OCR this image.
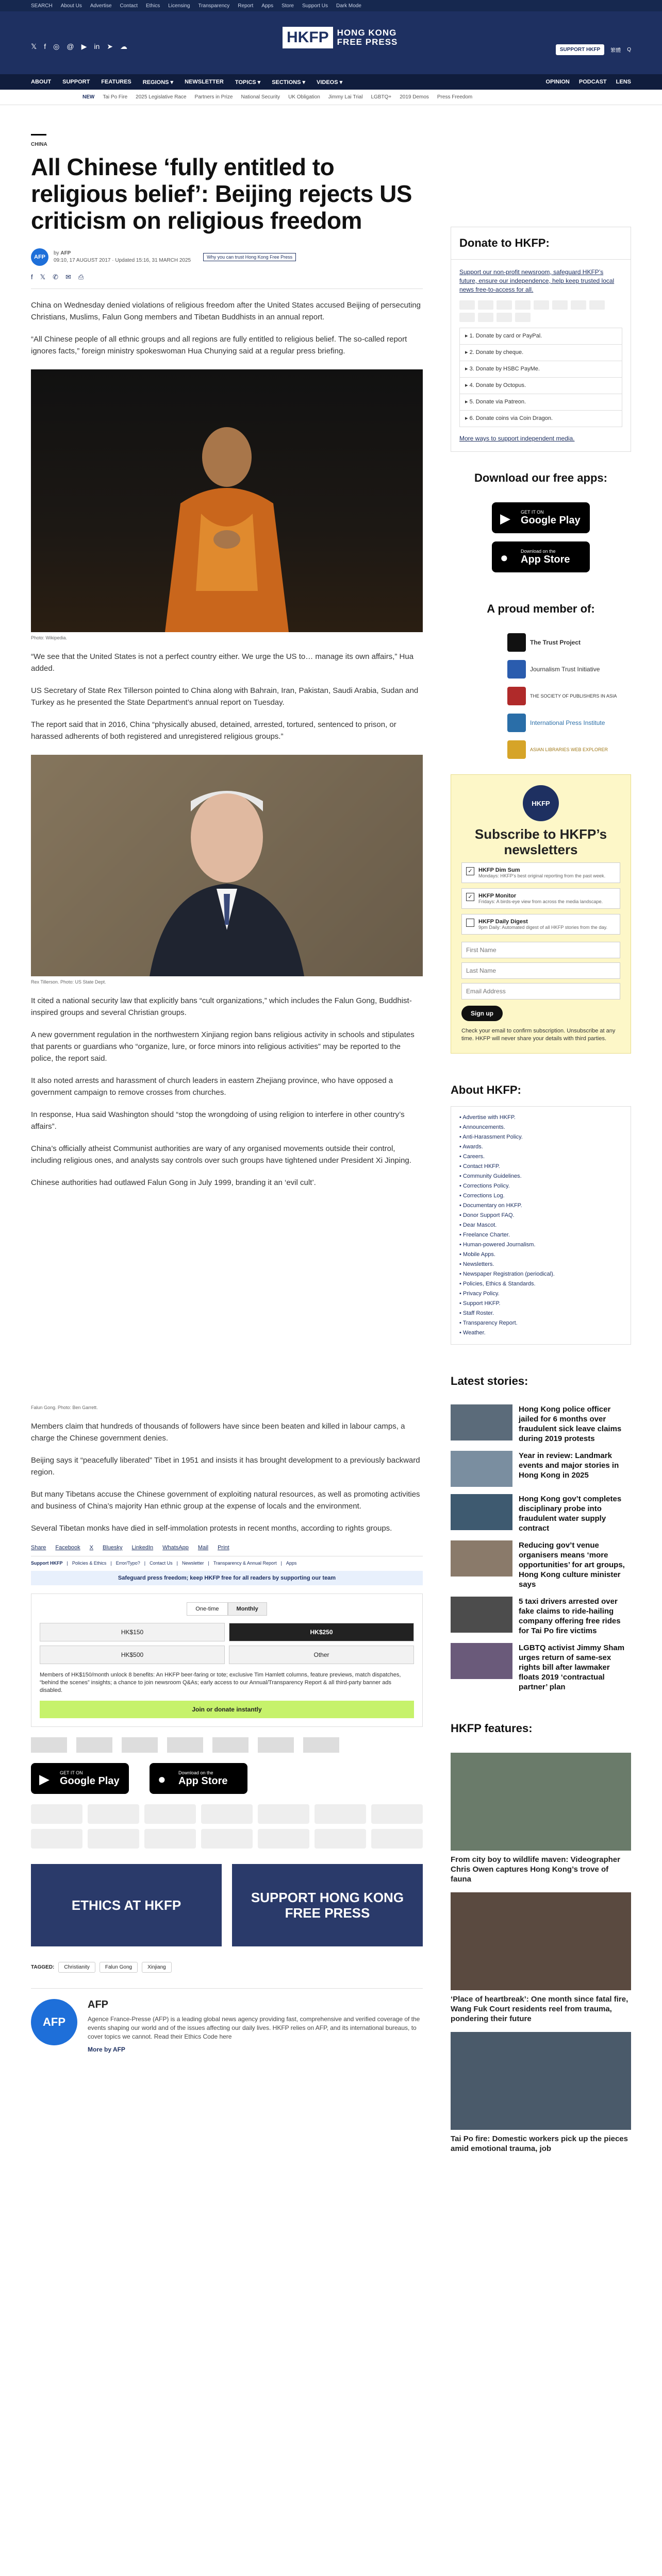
SEARCH About Us Advertise Contact Ethics Licensing Transparency Report Apps Store Support Us Dark Mode
𝕏 f ◎ @ ▶ in ➤ ☁
HKFP HONG KONG
FREE PRESS
SUPPORT HKFP	繁體 Q
ABOUT SUPPORT FEATURES REGIONS ▾ NEWSLETTER TOPICS ▾ SECTIONS ▾ VIDEOS ▾	OPINION PODCAST LENS
NEW Tai Po Fire 2025 Legislative Race Partners in Prize National Security UK Obligation Jimmy Lai Trial LGBTQ+ 2019 Demos Press Freedom
CHINA
All Chinese ‘fully entitled to religious belief’: Beijing rejects US criticism on religious freedom
AFP
by AFP
09:10, 17 AUGUST 2017 · Updated 15:16, 31 MARCH 2025
Why you can trust Hong Kong Free Press
f 𝕏 ✆ ✉ ⎙

China on Wednesday denied violations of religious freedom after the United States accused Beijing of persecuting Christians, Muslims, Falun Gong members and Tibetan Buddhists in an annual report.

“All Chinese people of all ethnic groups and all regions are fully entitled to religious belief. The so-called report ignores facts,” foreign ministry spokeswoman Hua Chunying said at a regular press briefing.

Photo: Wikipedia.

“We see that the United States is not a perfect country either. We urge the US to… manage its own affairs,” Hua added.

US Secretary of State Rex Tillerson pointed to China along with Bahrain, Iran, Pakistan, Saudi Arabia, Sudan and Turkey as he presented the State Department’s annual report on Tuesday.

The report said that in 2016, China “physically abused, detained, arrested, tortured, sentenced to prison, or harassed adherents of both registered and unregistered religious groups.”

Rex Tillerson. Photo: US State Dept.

It cited a national security law that explicitly bans “cult organizations,” which includes the Falun Gong, Buddhist-inspired groups and several Christian groups.

A new government regulation in the northwestern Xinjiang region bans religious activity in schools and stipulates that parents or guardians who “organize, lure, or force minors into religious activities” may be reported to the police, the report said.

It also noted arrests and harassment of church leaders in eastern Zhejiang province, who have opposed a government campaign to remove crosses from churches.

In response, Hua said Washington should “stop the wrongdoing of using religion to interfere in other country’s affairs”.

China’s officially atheist Communist authorities are wary of any organised movements outside their control, including religious ones, and analysts say controls over such groups have tightened under President Xi Jinping.

Chinese authorities had outlawed Falun Gong in July 1999, branding it an ‘evil cult’.

Falun Gong. Photo: Ben Garrett.

Members claim that hundreds of thousands of followers have since been beaten and killed in labour camps, a charge the Chinese government denies.

Beijing says it “peacefully liberated” Tibet in 1951 and insists it has brought development to a previously backward region.

But many Tibetans accuse the Chinese government of exploiting natural resources, as well as promoting activities and business of China’s majority Han ethnic group at the expense of locals and the environment.

Several Tibetan monks have died in self-immolation protests in recent months, according to rights groups.

Share Facebook X Bluesky LinkedIn WhatsApp Mail Print
Support HKFP | Policies & Ethics | Error/Typo? | Contact Us | Newsletter | Transparency & Annual Report | Apps
Safeguard press freedom; keep HKFP free for all readers by supporting our team
One-time	Monthly
HK$150	HK$250
HK$500	Other
Members of HK$150/month unlock 8 benefits: An HKFP beer-faring or tote; exclusive Tim Hamlett columns, feature previews, match dispatches, “behind the scenes” insights; a chance to join newsroom Q&As; early access to our Annual/Transparency Report & all third-party banner ads disabled.
Join or donate instantly
▶ GET IT ON
Google Play	●	Download on the
App Store
ETHICS AT HKFP	SUPPORT HONG KONG FREE PRESS
TAGGED:	Christianity	Falun Gong	Xinjiang
AFP
AFP
Agence France-Presse (AFP) is a leading global news agency providing fast, comprehensive and verified coverage of the events shaping our world and of the issues affecting our daily lives. HKFP relies on AFP, and its international bureaus, to cover topics we cannot. Read their Ethics Code here
More by AFP
Donate to HKFP:
Support our non-profit newsroom, safeguard HKFP’s future, ensure our independence, help keep trusted local news free-to-access for all.
▸ 1. Donate by card or PayPal.
▸ 2. Donate by cheque.
▸ 3. Donate by HSBC PayMe.
▸ 4. Donate by Octopus.
▸ 5. Donate via Patreon.
▸ 6. Donate coins via Coin Dragon.
More ways to support independent media.
Download our free apps:
▶ GET IT ON
Google Play
●	Download on the
App Store
A proud member of:
The Trust Project
Journalism Trust Initiative
THE SOCIETY OF PUBLISHERS IN ASIA
International Press Institute
ASIAN LIBRARIES WEB EXPLORER
HKFP
Subscribe to HKFP’s newsletters
✓	HKFP Dim Sum
Mondays: HKFP’s best original reporting from the past week.
✓	HKFP Monitor
Fridays: A birds-eye view from across the media landscape.
HKFP Daily Digest
9pm Daily: Automated digest of all HKFP stories from the day.
First Name
Last Name
Email Address
Sign up
Check your email to confirm subscription. Unsubscribe at any time. HKFP will never share your details with third parties.
About HKFP:
• Advertise with HKFP.
• Announcements.
• Anti-Harassment Policy.
• Awards.
• Careers.
• Contact HKFP.
• Community Guidelines.
• Corrections Policy.
• Corrections Log.
• Documentary on HKFP.
• Donor Support FAQ.
• Dear Mascot.
• Freelance Charter.
• Human-powered Journalism.
• Mobile Apps.
• Newsletters.
• Newspaper Registration (periodical).
• Policies, Ethics & Standards.
• Privacy Policy.
• Support HKFP.
• Staff Roster.
• Transparency Report.
• Weather.
Latest stories:
Hong Kong police officer jailed for 6 months over fraudulent sick leave claims during 2019 protests
Year in review: Landmark events and major stories in Hong Kong in 2025
Hong Kong gov’t completes disciplinary probe into fraudulent water supply contract
Reducing gov’t venue organisers means ‘more opportunities’ for art groups, Hong Kong culture minister says
5 taxi drivers arrested over fake claims to ride-hailing company offering free rides for Tai Po fire victims
LGBTQ activist Jimmy Sham urges return of same-sex rights bill after lawmaker floats 2019 ‘contractual partner’ plan
HKFP features:
From city boy to wildlife maven: Videographer Chris Owen captures Hong Kong’s trove of fauna
‘Place of heartbreak’: One month since fatal fire, Wang Fuk Court residents reel from trauma, pondering their future
Tai Po fire: Domestic workers pick up the pieces amid emotional trauma, job
